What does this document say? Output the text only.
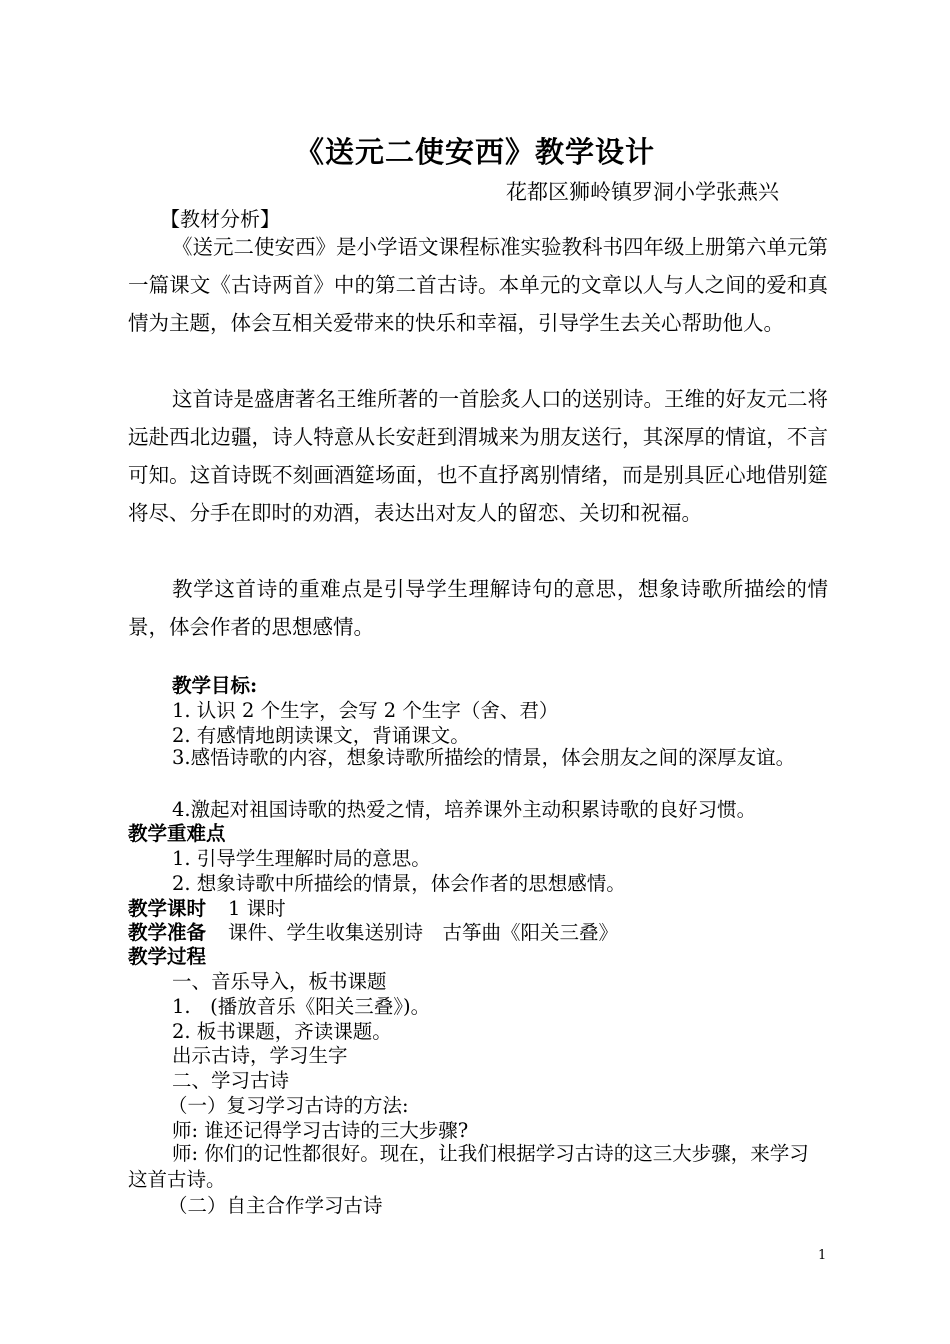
《送元二使安西》教学设计
花都区狮岭镇罗洞小学张燕兴
【教材分析】

《送元二使安西》是小学语文课程标准实验教科书四年级上册第六单元第一篇课文《古诗两首》中的第二首古诗。本单元的文章以人与人之间的爱和真情为主题，体会互相关爱带来的快乐和幸福，引导学生去关心帮助他人。

这首诗是盛唐著名王维所著的一首脍炙人口的送别诗。王维的好友元二将远赴西北边疆，诗人特意从长安赶到渭城来为朋友送行，其深厚的情谊，不言可知。这首诗既不刻画酒筵场面，也不直抒离别情绪，而是别具匠心地借别筵将尽、分手在即时的劝酒，表达出对友人的留恋、关切和祝福。

教学这首诗的重难点是引导学生理解诗句的意思，想象诗歌所描绘的情景，体会作者的思想感情。

教学目标:
1. 认识 2 个生字，会写 2 个生字（舍、君）
2. 有感情地朗读课文，背诵课文。

3.感悟诗歌的内容，想象诗歌所描绘的情景，体会朋友之间的深厚友谊。

4.激起对祖国诗歌的热爱之情，培养课外主动积累诗歌的良好习惯。
教学重难点
1. 引导学生理解时局的意思。
2. 想象诗歌中所描绘的情景，体会作者的思想感情。
教学课时 1 课时
教学准备 课件、学生收集送别诗　古筝曲《阳关三叠》
教学过程
一、音乐导入，板书课题
1.　(播放音乐《阳关三叠》)。
2. 板书课题，齐读课题。
出示古诗，学习生字
二、学习古诗
（一）复习学习古诗的方法:
师: 谁还记得学习古诗的三大步骤?

师: 你们的记性都很好。现在，让我们根据学习古诗的这三大步骤，来学习这首古诗。

（二）自主合作学习古诗
1
